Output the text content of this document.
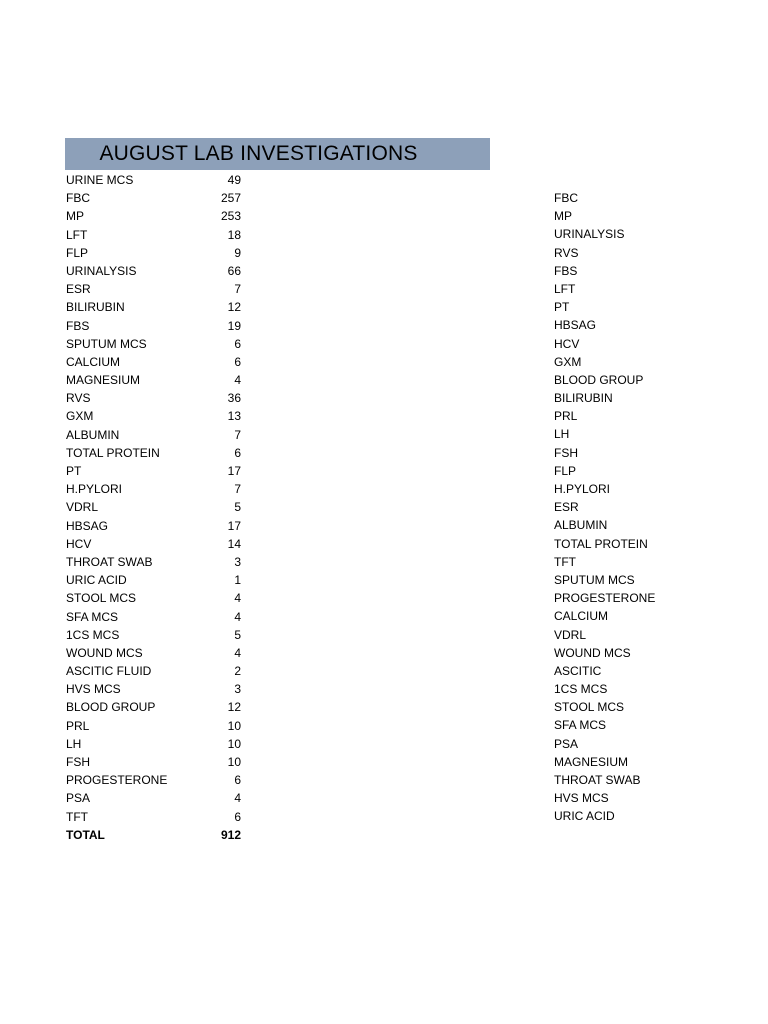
AUGUST LAB INVESTIGATIONS
URINE MCS	49
FBC	257
MP	253
LFT	18
FLP	9
URINALYSIS	66
ESR	7
BILIRUBIN	12
FBS	19
SPUTUM MCS	6
CALCIUM	6
MAGNESIUM	4
RVS	36
GXM	13
ALBUMIN	7
TOTAL PROTEIN	6
PT	17
H.PYLORI	7
VDRL	5
HBSAG	17
HCV	14
THROAT SWAB	3
URIC ACID	1
STOOL MCS	4
SFA MCS	4
1CS MCS	5
WOUND MCS	4
ASCITIC FLUID	2
HVS MCS	3
BLOOD GROUP	12
PRL	10
LH	10
FSH	10
PROGESTERONE	6
PSA	4
TFT	6
TOTAL	912
FBC
MP
URINALYSIS
RVS
FBS
LFT
PT
HBSAG
HCV
GXM
BLOOD GROUP
BILIRUBIN
PRL
LH
FSH
FLP
H.PYLORI
ESR
ALBUMIN
TOTAL PROTEIN
TFT
SPUTUM MCS
PROGESTERONE
CALCIUM
VDRL
WOUND MCS
ASCITIC
1CS MCS
STOOL MCS
SFA MCS
PSA
MAGNESIUM
THROAT SWAB
HVS MCS
URIC ACID
